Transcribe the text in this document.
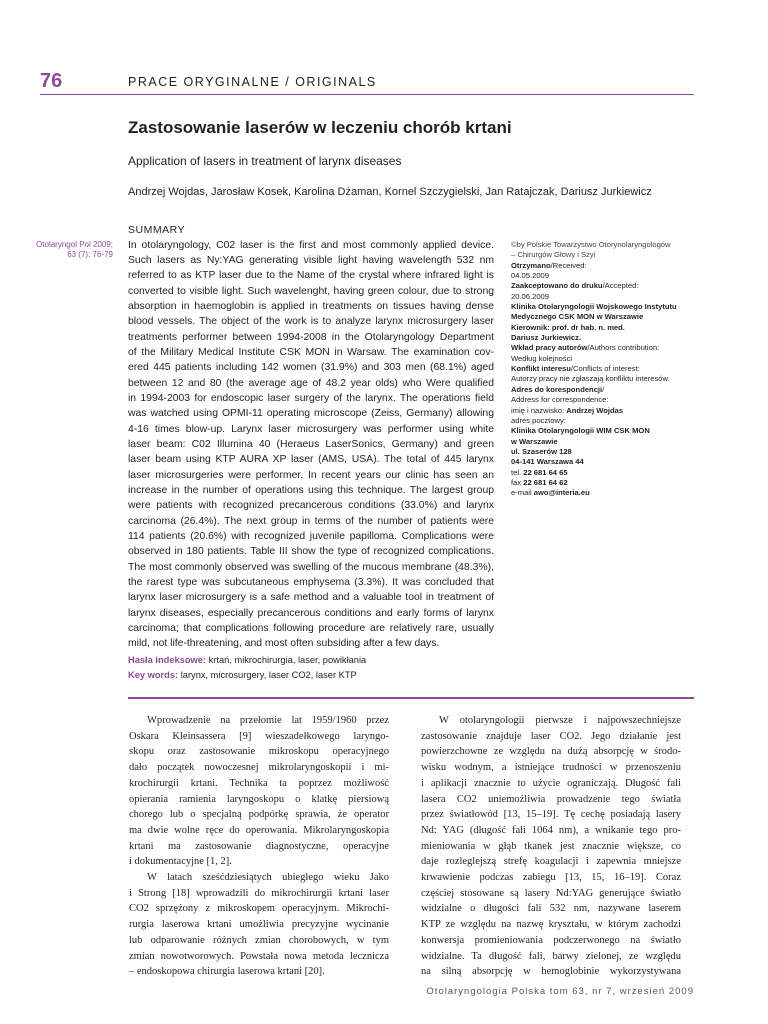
76	PRACE ORYGINALNE / ORIGINALS
Zastosowanie laserów w leczeniu chorób krtani
Application of lasers in treatment of larynx diseases
Andrzej Wojdas, Jarosław Kosek, Karolina Dżaman, Kornel Szczygielski, Jan Ratajczak, Dariusz Jurkiewicz
Otolaryngol Pol 2009;
63 (7): 76-79
SUMMARY
In otolaryngology, C02 laser is the first and most commonly applied device.
Such lasers as Ny:YAG generating visible light having wavelength 532 nm
referred to as KTP laser due to the Name of the crystal where infrared light is
converted to visible light. Such wavelenght, having green colour, due to strong
absorption in haemoglobin is applied in treatments on tissues having dense
blood vessels. The object of the work is to analyze larynx microsurgery laser
treatments performer between 1994-2008 in the Otolaryngology Department
of the Military Medical Institute CSK MON in Warsaw. The examination cov-
ered 445 patients including 142 women (31.9%) and 303 men (68.1%) aged
between 12 and 80 (the average age of 48.2 year olds) who Were qualified
in 1994-2003 for endoscopic laser surgery of the larynx. The operations field
was watched using OPMI-11 operating microscope (Zeiss, Germany) allowing
4-16 times blow-up. Larynx laser microsurgery was performer using white
laser beam: C02 Illumina 40 (Heraeus LaserSonics, Germany) and green
laser beam using KTP AURA XP laser (AMS, USA). The total of 445 larynx
laser microsurgeries were performer. In recent years our clinic has seen an
increase in the number of operations using this technique. The largest group
were patients with recognized precancerous conditions (33.0%) and larynx
carcinoma (26.4%). The next group in terms of the number of patients were
114 patients (20.6%) with recognized juvenile papilloma. Complications were
observed in 180 patients. Table III show the type of recognized complications.
The most commonly observed was swelling of the mucous membrane (48.3%),
the rarest type was subcutaneous emphysema (3.3%). It was concluded that
larynx laser microsurgery is a safe method and a valuable tool in treatment of
larynx diseases, especially precancerous conditions and early forms of larynx
carcinoma; that complications following procedure are relatively rare, usually
mild, not life-threatening, and most often subsiding after a few days.
Hasła indeksowe: krtań, mikrochirurgia, laser, powikłania
Key words: larynx, microsurgery, laser CO2, laser KTP
©by Polskie Towarzystwo Otorynolaryngologów
– Chirurgów Głowy i Szyi
Otrzymano/Received:
04.05.2009
Zaakceptowano do druku/Accepted:
20.06.2009
Klinika Otolaryngologii Wojskowego Instytutu
Medycznego CSK MON w Warszawie
Kierownik: prof. dr hab. n. med.
Dariusz Jurkiewicz.
Wkład pracy autorów/Authors contribution:
Według kolejności
Konflikt interesu/Conflicts of interest:
Autorzy pracy nie zgłaszają konfliktu interesów.
Adres do korespondencji/
Address for correspondence:
imię i nazwisko: Andrzej Wojdas
adres pocztowy:
Klinika Otolaryngologii WIM CSK MON
w Warszawie
ul. Szaserów 128
04-141 Warszawa 44
tel. 22 681 64 65
fax 22 681 64 62
e-mail awo@interia.eu
Wprowadzenie na przełomie lat 1959/1960 przez
Oskara Kleinsassera [9] wieszadełkowego laryngo-
skopu oraz zastosowanie mikroskopu operacyjnego
dało początek nowoczesnej mikrolaryngoskopii i mi-
krochirurgii krtani. Technika ta poprzez możliwość
opierania ramienia laryngoskopu o klatkę piersiową
chorego lub o specjalną podpórkę sprawia, że operator
ma dwie wolne ręce do operowania. Mikrolaryngoskopia
krtani ma zastosowanie diagnostyczne, operacyjne
i dokumentacyjne [1, 2].
W latach sześćdziesiątych ubiegłego wieku Jako
i Strong [18] wprowadzili do mikrochirurgii krtani laser
CO2 sprzężony z mikroskopem operacyjnym. Mikrochi-
rurgia laserowa krtani umożliwia precyzyjne wycinanie
lub odparowanie różnych zmian chorobowych, w tym
zmian nowotworowych. Powstała nowa metoda lecznicza
– endoskopowa chirurgia laserowa krtani [20].
W otolaryngologii pierwsze i najpowszechniejsze
zastosowanie znajduje laser CO2. Jego działanie jest
powierzchowne ze względu na dużą absorpcję w środo-
wisku wodnym, a istniejące trudności w przenoszeniu
i aplikacji znacznie to użycie ograniczają. Długość fali
lasera CO2 uniemożliwia prowadzenie tego światła
przez światłowód [13, 15–19]. Tę cechę posiadają lasery
Nd: YAG (długość fali 1064 nm), a wnikanie tego pro-
mieniowania w głąb tkanek jest znacznie większe, co
daje rozleglejszą strefę koagulacji i zapewnia mniejsze
krwawienie podczas zabiegu [13, 15, 16–19]. Coraz
częściej stosowane są lasery Nd:YAG generujące światło
widzialne o długości fali 532 nm, nazywane laserem
KTP ze względu na nazwę kryształu, w którym zachodzi
konwersja promieniowania podczerwonego na światło
widzialne. Ta długość fali, barwy zielonej, ze względu
na silną absorpcję w hemoglobinie wykorzystywana
Otolaryngologia Polska tom 63, nr 7, wrzesień 2009
